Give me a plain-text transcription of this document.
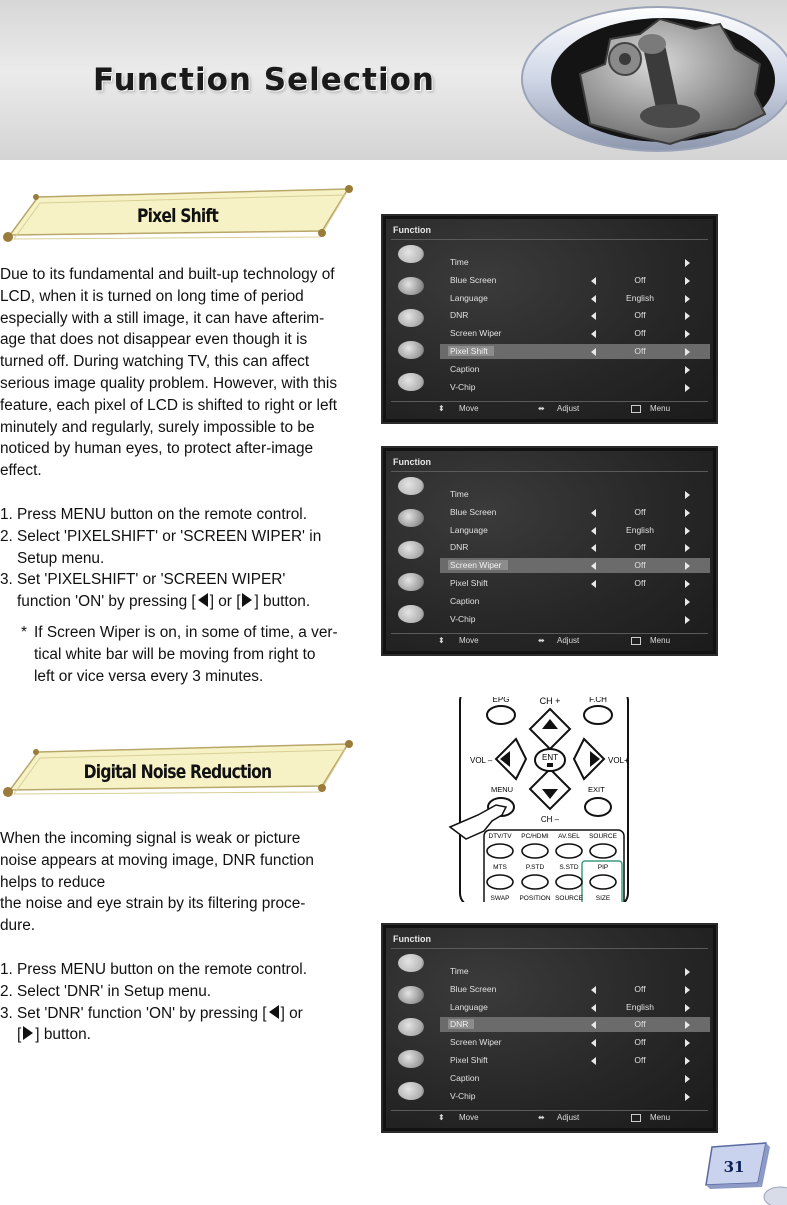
Function Selection
Pixel Shift

Due to its fundamental and built-up technology of LCD, when it is turned on long time of period especially with a still image, it can have afterim-age that does not disappear even though it is turned off. During watching TV, this can affect serious image quality problem. However, with this feature, each pixel of LCD is shifted to right or left minutely and regularly, surely impossible to be noticed by human eyes, to protect after-image effect.

1. Press MENU button on the remote control.
2. Select 'PIXELSHIFT' or 'SCREEN WIPER' in Setup menu.
3. Set 'PIXELSHIFT' or 'SCREEN WIPER' function 'ON' by pressing [ ] or [ ] button.
* If Screen Wiper is on, in some of time, a ver-tical white bar will be moving from right to left or vice versa every 3 minutes.
Digital Noise Reduction

When the incoming signal is weak or picture noise appears at moving image, DNR function helps to reduce
the noise and eye strain by its filtering proce-dure.

1. Press MENU button on the remote control.
2. Select 'DNR' in Setup menu.
3. Set 'DNR' function 'ON' by pressing [ ] or
[ ] button.
Function
Time
Blue Screen	Off
Language	English
DNR	Off
Screen Wiper	Off
Pixel Shift	Off
Caption
V-Chip
⬍ Move	⬌ Adjust	Menu
Function
Time
Blue Screen	Off
Language	English
DNR	Off
Screen Wiper	Off
Pixel Shift	Off
Caption
V-Chip
⬍ Move	⬌ Adjust	Menu
Function
Time
Blue Screen	Off
Language	English
DNR	Off
Screen Wiper	Off
Pixel Shift	Off
Caption
V-Chip
⬍ Move	⬌ Adjust	Menu
EPG	F.CH
CH +
ENT
VOL –	VOL+
CH –
MENU	EXIT
DTV/TV PC/HDMI AV.SEL SOURCE
MTS	P.STD S.STD	PIP
SWAP POSITION SOURCE SIZE
31
